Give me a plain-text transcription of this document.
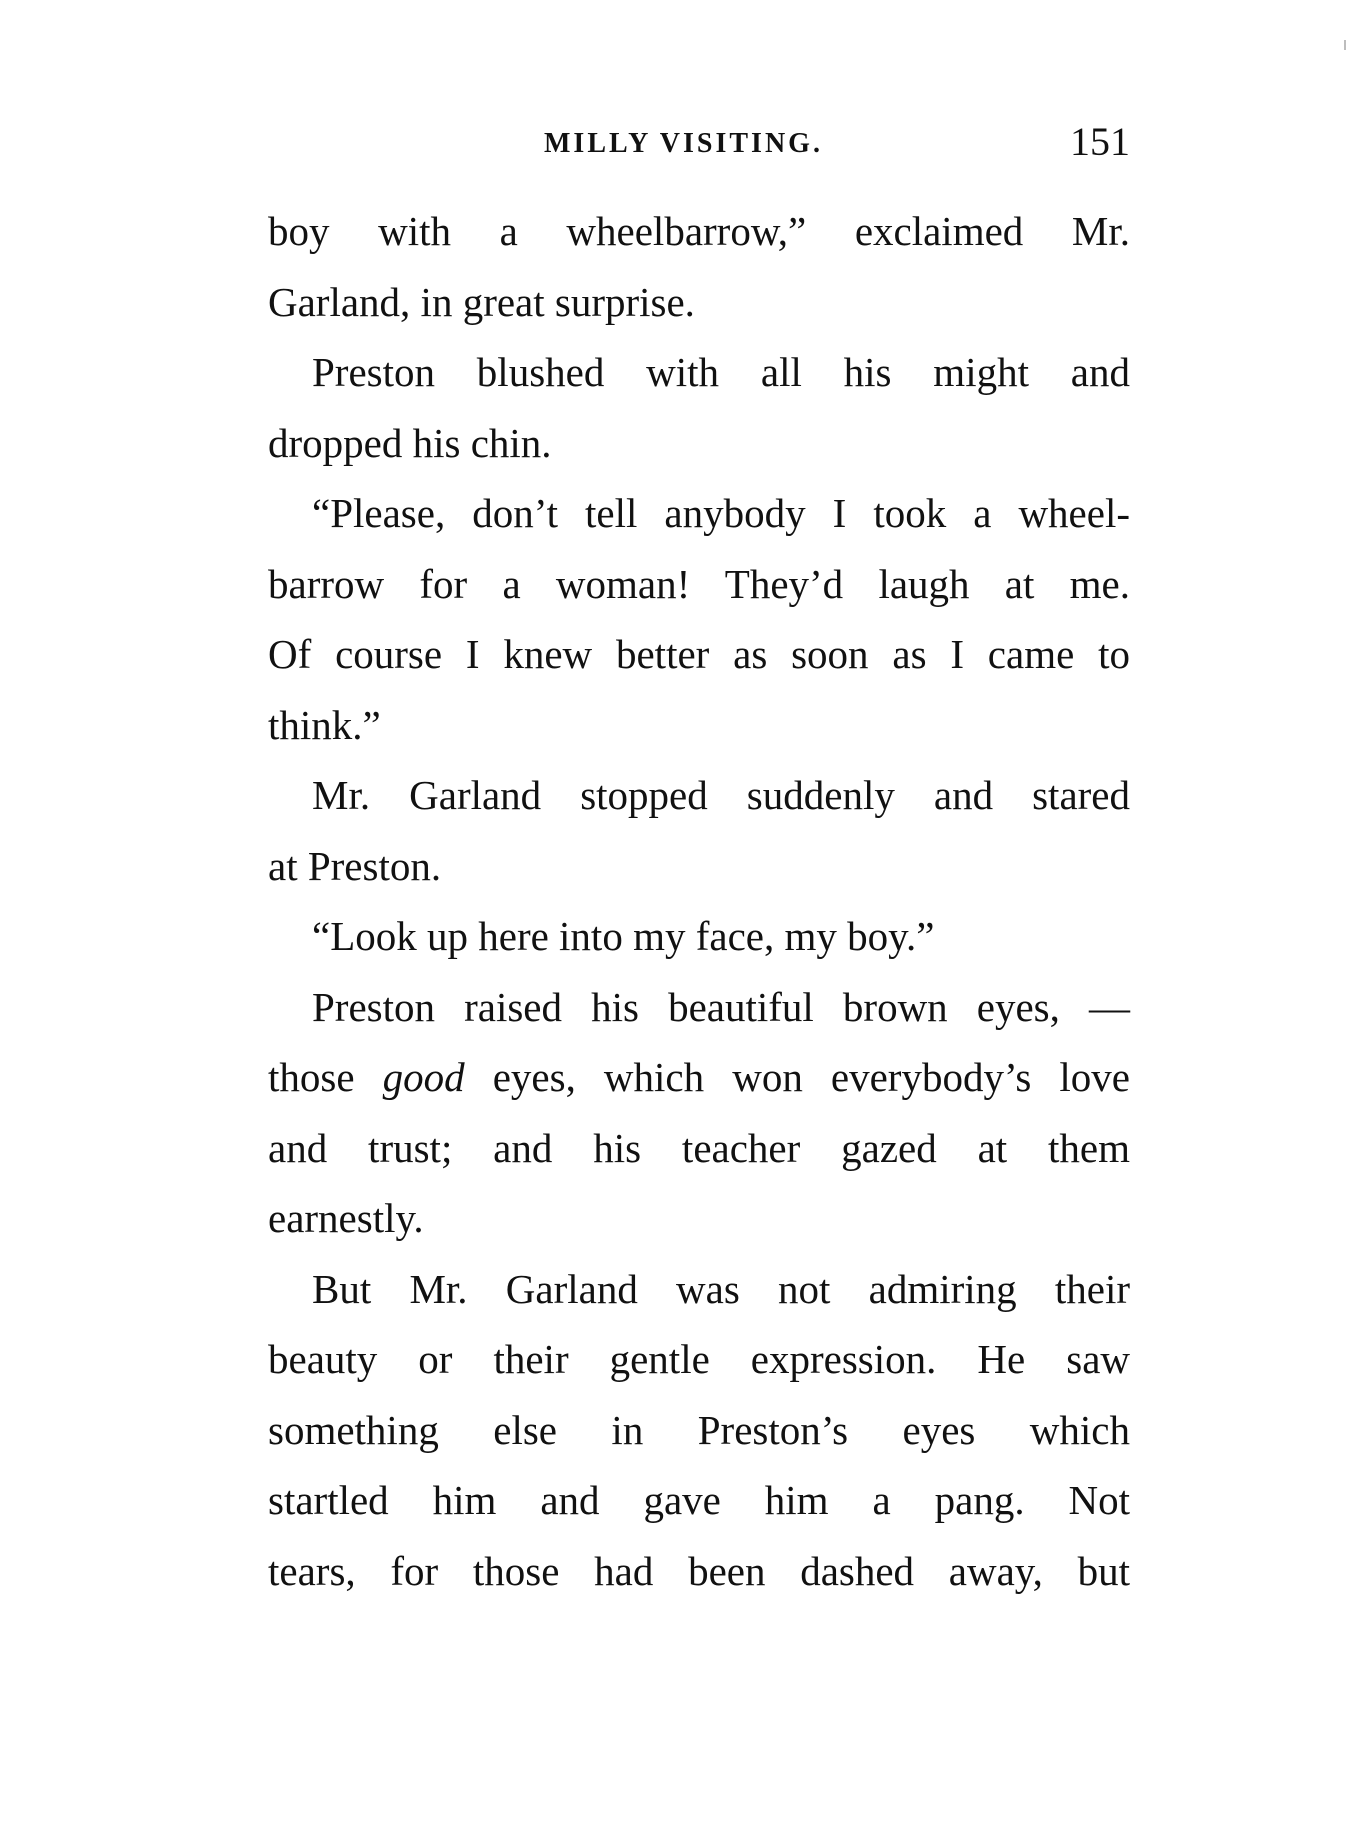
MILLY VISITING.	151
boy with a wheelbarrow,” exclaimed Mr.
Garland, in great surprise.
Preston blushed with all his might and
dropped his chin.
“Please, don’t tell anybody I took a wheel-
barrow for a woman! They’d laugh at me.
Of course I knew better as soon as I came to
think.”
Mr. Garland stopped suddenly and stared
at Preston.
“Look up here into my face, my boy.”
Preston raised his beautiful brown eyes, —
those good eyes, which won everybody’s love
and trust; and his teacher gazed at them
earnestly.
But Mr. Garland was not admiring their
beauty or their gentle expression. He saw
something else in Preston’s eyes which
startled him and gave him a pang. Not
tears, for those had been dashed away, but
